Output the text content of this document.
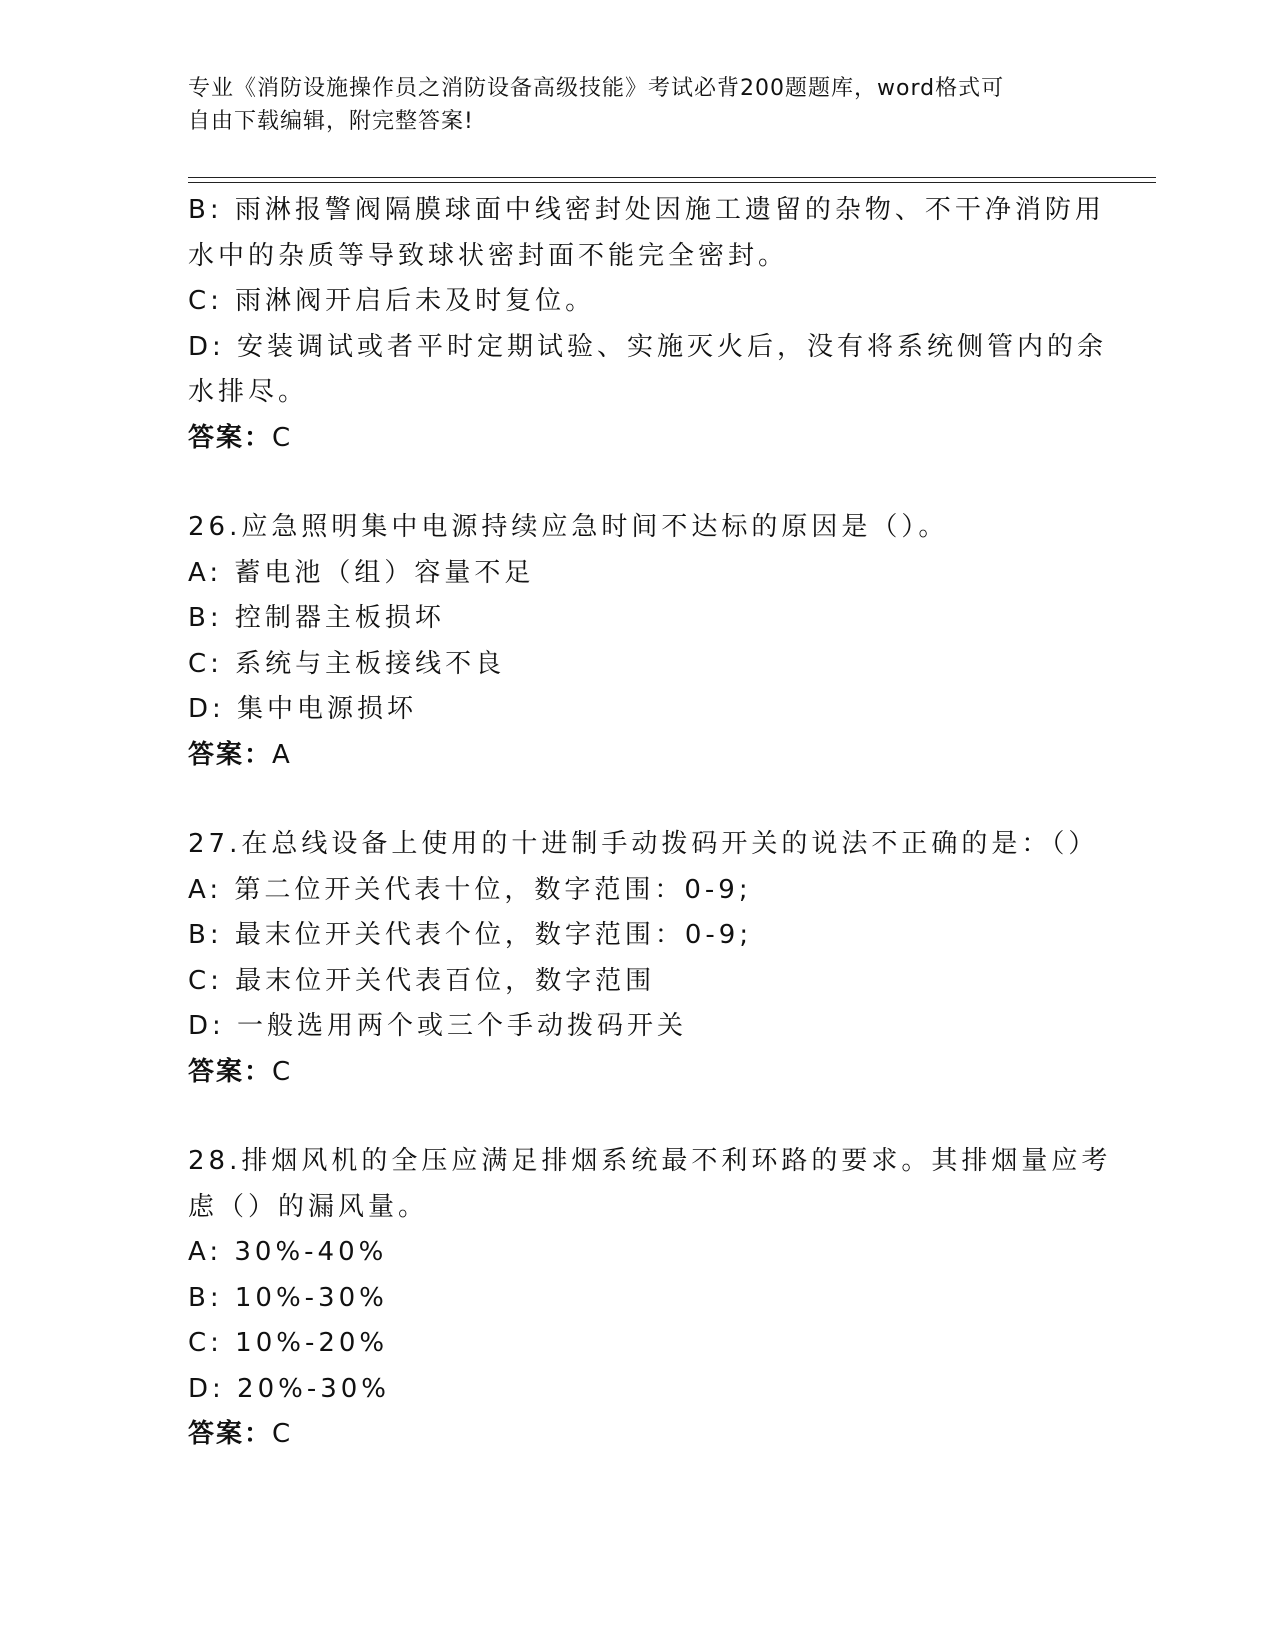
专业《消防设施操作员之消防设备高级技能》考试必背200题题库，word格式可
自由下载编辑，附完整答案!
B: 雨淋报警阀隔膜球面中线密封处因施工遗留的杂物、不干净消防用
水中的杂质等导致球状密封面不能完全密封。
C: 雨淋阀开启后未及时复位。
D: 安装调试或者平时定期试验、实施灭火后，没有将系统侧管内的余
水排尽。
答案：C
26.应急照明集中电源持续应急时间不达标的原因是（）。
A: 蓄电池（组）容量不足
B: 控制器主板损坏
C: 系统与主板接线不良
D: 集中电源损坏
答案：A
27.在总线设备上使用的十进制手动拨码开关的说法不正确的是：（）
A: 第二位开关代表十位，数字范围：0-9;
B: 最末位开关代表个位，数字范围：0-9;
C: 最末位开关代表百位，数字范围
D: 一般选用两个或三个手动拨码开关
答案：C
28.排烟风机的全压应满足排烟系统最不利环路的要求。其排烟量应考
虑（）的漏风量。
A: 30%-40%
B: 10%-30%
C: 10%-20%
D: 20%-30%
答案：C
